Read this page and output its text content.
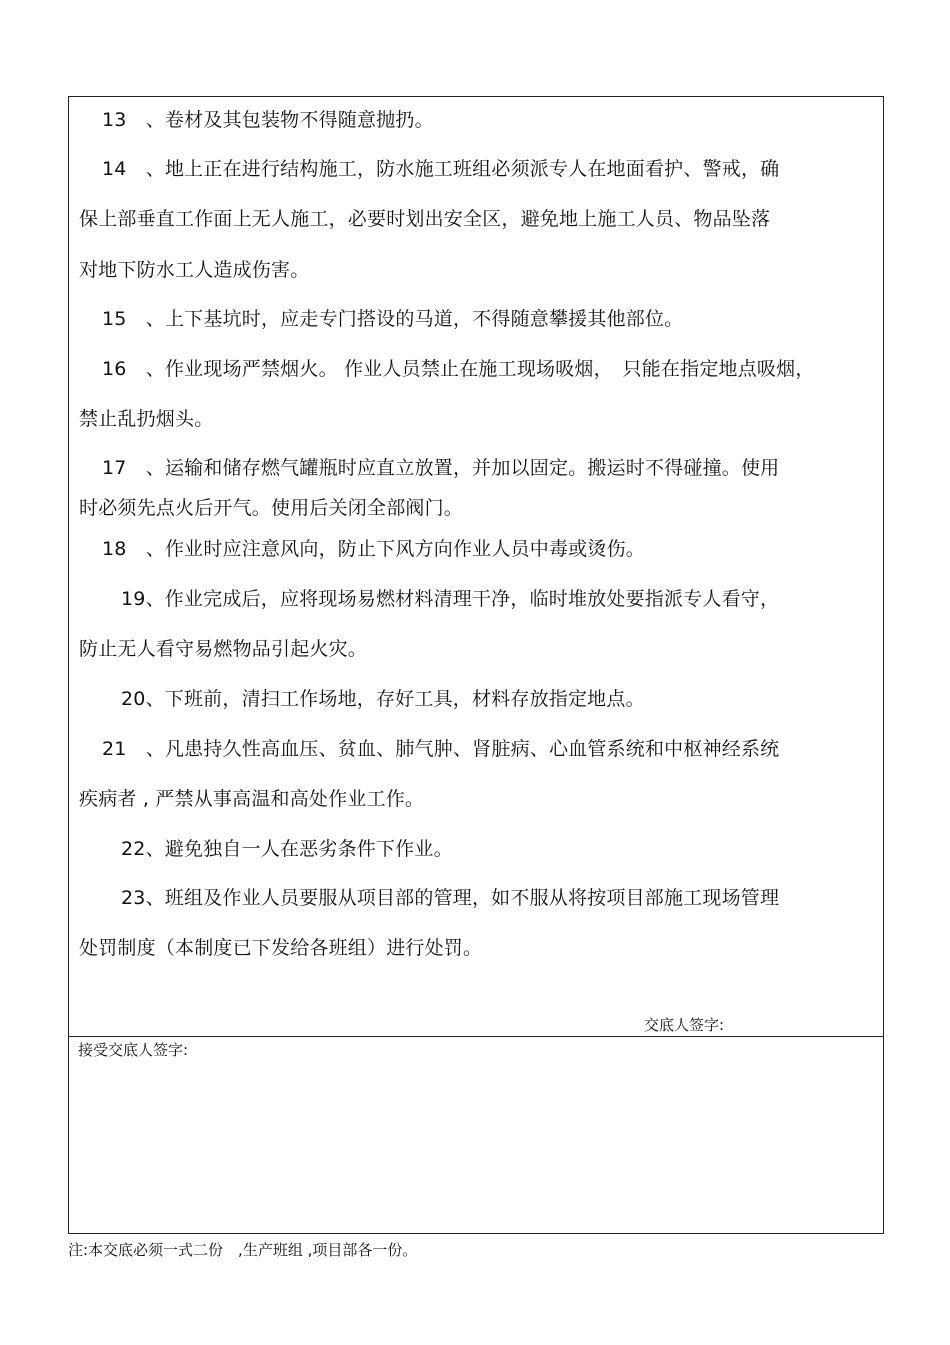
13　、卷材及其包装物不得随意抛扔。
14　、地上正在进行结构施工，防水施工班组必须派专人在地面看护、警戒，确
保上部垂直工作面上无人施工，必要时划出安全区，避免地上施工人员、物品坠落
对地下防水工人造成伤害。
15　、上下基坑时，应走专门搭设的马道，不得随意攀援其他部位。
16　、作业现场严禁烟火。 作业人员禁止在施工现场吸烟，　只能在指定地点吸烟，
禁止乱扔烟头。
17　、运输和储存燃气罐瓶时应直立放置，并加以固定。搬运时不得碰撞。使用
时必须先点火后开气。使用后关闭全部阀门。
18　、作业时应注意风向，防止下风方向作业人员中毒或烫伤。
19、作业完成后，应将现场易燃材料清理干净，临时堆放处要指派专人看守，
防止无人看守易燃物品引起火灾。
20、下班前，清扫工作场地，存好工具，材料存放指定地点。
21　、凡患持久性高血压、贫血、肺气肿、肾脏病、心血管系统和中枢神经系统
疾病者 , 严禁从事高温和高处作业工作。
22、避免独自一人在恶劣条件下作业。
23、班组及作业人员要服从项目部的管理，如不服从将按项目部施工现场管理
处罚制度（本制度已下发给各班组）进行处罚。
交底人签字:
接受交底人签字:
注:本交底必须一式二份　,生产班组 ,项目部各一份。
